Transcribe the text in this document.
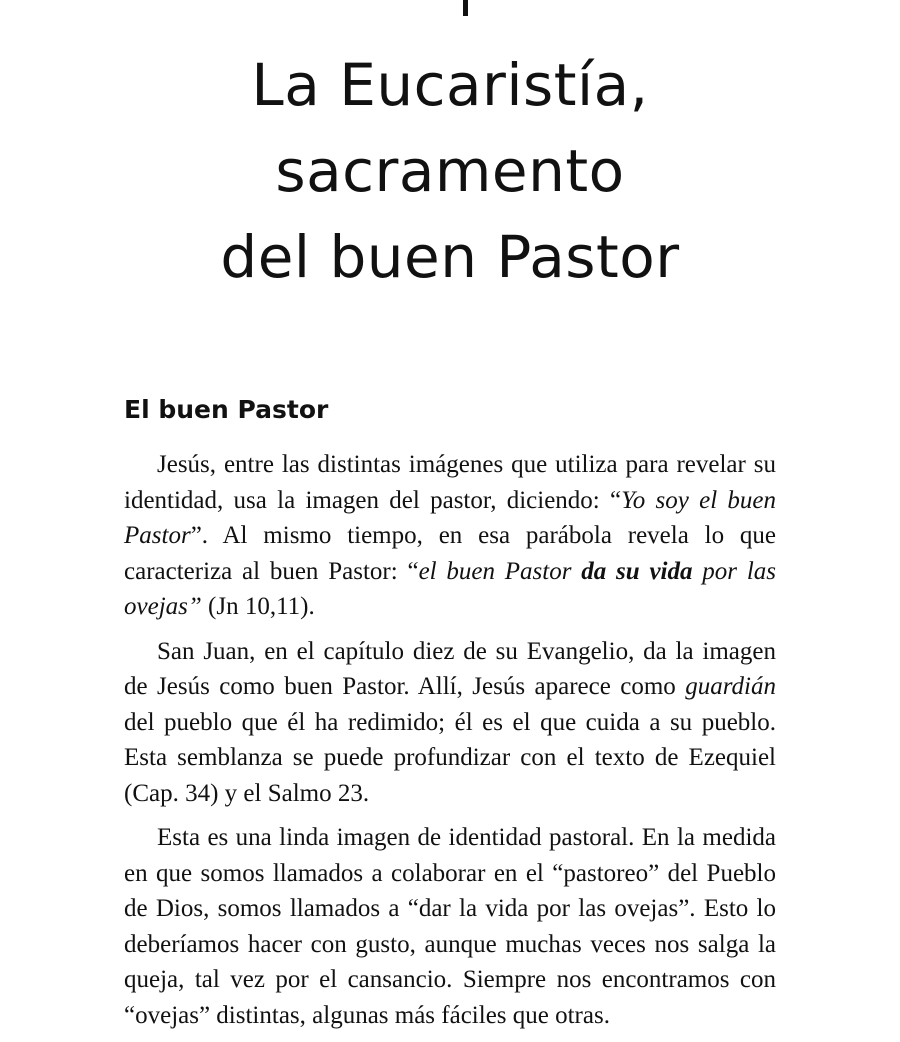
La Eucaristía,
sacramento
del buen Pastor
El buen Pastor

Jesús, entre las distintas imágenes que utiliza para revelar su identidad, usa la imagen del pastor, diciendo: “Yo soy el buen Pastor”. Al mismo tiempo, en esa parábola revela lo que caracteriza al buen Pastor: “el buen Pastor da su vida por las ovejas” (Jn 10,11).

San Juan, en el capítulo diez de su Evangelio, da la imagen de Jesús como buen Pastor. Allí, Jesús aparece como guardián del pueblo que él ha redimido; él es el que cuida a su pueblo. Esta semblanza se puede profundizar con el texto de Ezequiel (Cap. 34) y el Salmo 23.

Esta es una linda imagen de identidad pastoral. En la medida en que somos llamados a colaborar en el “pastoreo” del Pueblo de Dios, somos llamados a “dar la vida por las ovejas”. Esto lo deberíamos hacer con gusto, aunque muchas veces nos salga la queja, tal vez por el cansancio. Siempre nos encontramos con “ovejas” distintas, algunas más fáciles que otras.
